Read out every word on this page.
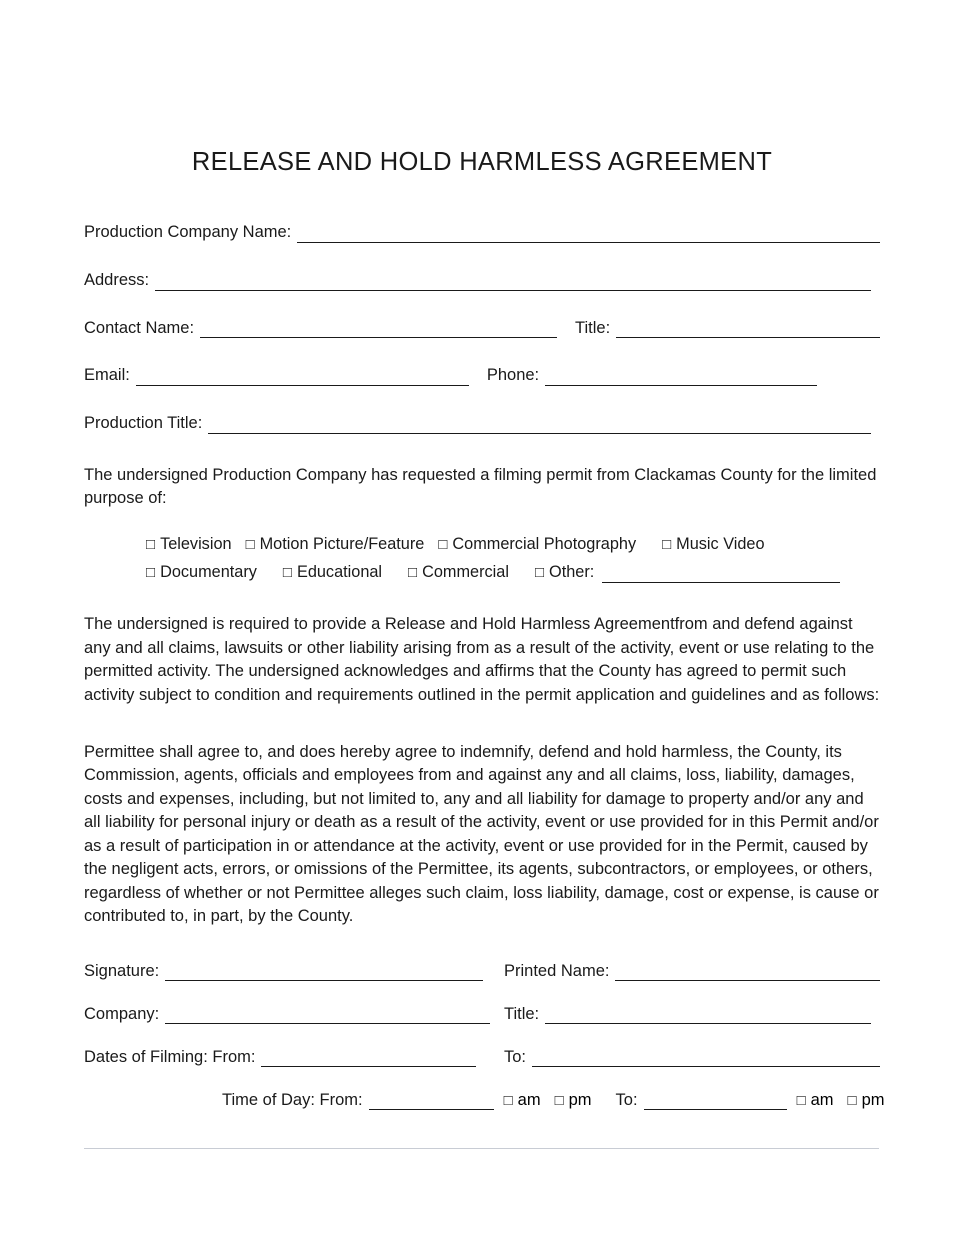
RELEASE AND HOLD HARMLESS AGREEMENT
Production Company Name:
Address:
Contact Name:	Title:
Email:	Phone:
Production Title:

The undersigned Production Company has requested a filming permit from Clackamas County for the limited purpose of:

□ Television □ Motion Picture/Feature □ Commercial Photography □ Music Video
□ Documentary □ Educational □ Commercial □ Other:

The undersigned is required to provide a Release and Hold Harmless Agreementfrom and defend against any and all claims, lawsuits or other liability arising from as a result of the activity, event or use relating to the permitted activity. The undersigned acknowledges and affirms that the County has agreed to permit such activity subject to condition and requirements outlined in the permit application and guidelines and as follows:

Permittee shall agree to, and does hereby agree to indemnify, defend and hold harmless, the County, its Commission, agents, officials and employees from and against any and all claims, loss, liability, damages, costs and expenses, including, but not limited to, any and all liability for damage to property and/or any and all liability for personal injury or death as a result of the activity, event or use provided for in this Permit and/or as a result of participation in or attendance at the activity, event or use provided for in the Permit, caused by the negligent acts, errors, or omissions of the Permittee, its agents, subcontractors, or employees, or others, regardless of whether or not Permittee alleges such claim, loss liability, damage, cost or expense, is cause or contributed to, in part, by the County.

Signature:	Printed Name:
Company:	Title:
Dates of Filming: From:	To:
Time of Day: From:	□ am □ pm To:	□ am □ pm
